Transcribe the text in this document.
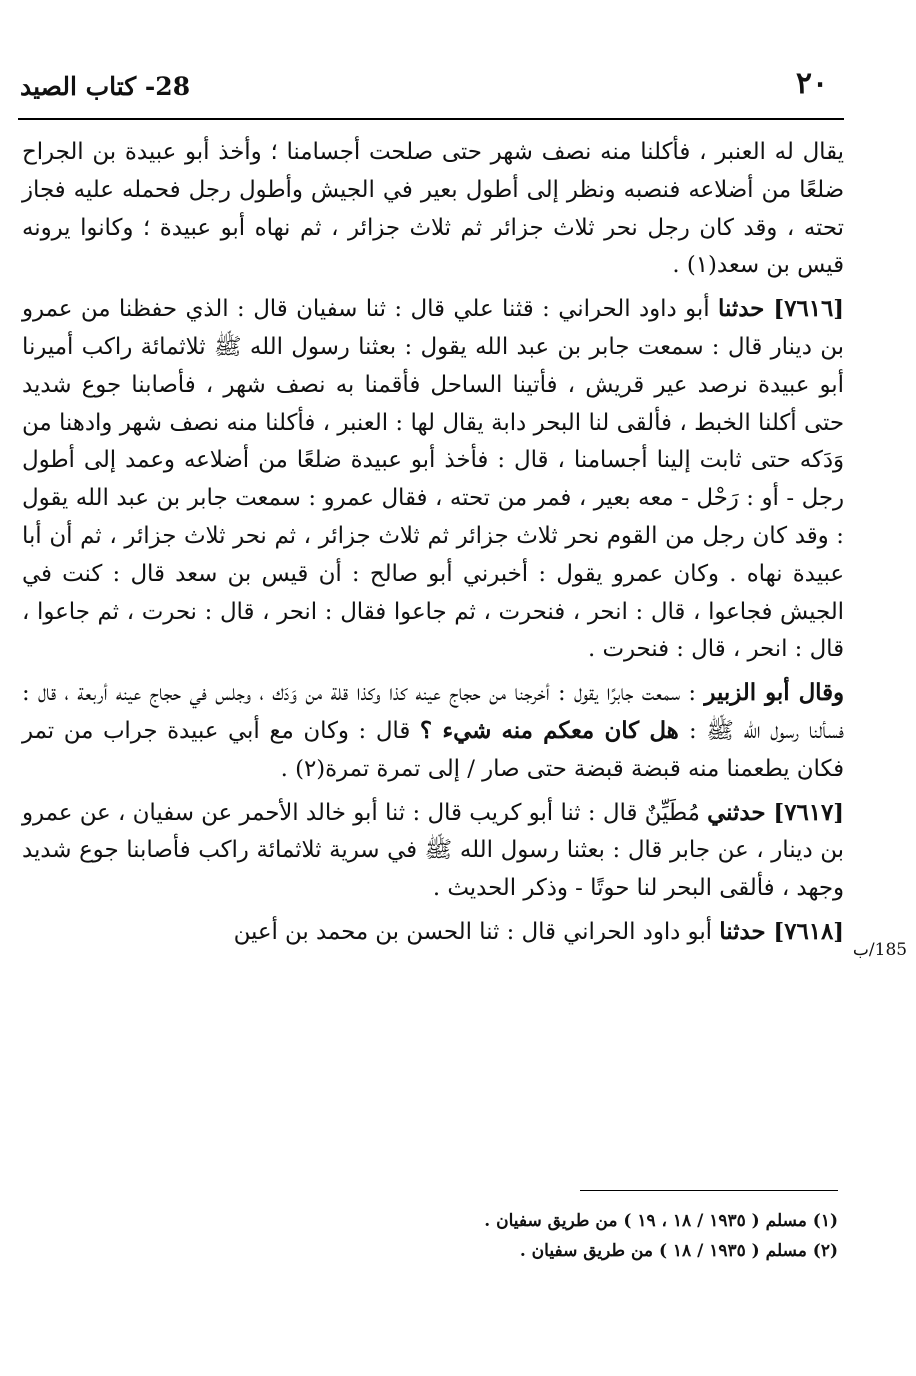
٢٠
28- كتاب الصيد

يقال له العنبر ، فأكلنا منه نصف شهر حتى صلحت أجسامنا ؛ وأخذ أبو عبيدة بن الجراح ضلعًا من أضلاعه فنصبه ونظر إلى أطول بعير في الجيش وأطول رجل فحمله عليه فجاز تحته ، وقد كان رجل نحر ثلاث جزائر ثم ثلاث جزائر ، ثم نهاه أبو عبيدة ؛ وكانوا يرونه قيس بن سعد(١) .

[٧٦١٦] حدثنا أبو داود الحراني : قثنا علي قال : ثنا سفيان قال : الذي حفظنا من عمرو بن دينار قال : سمعت جابر بن عبد الله يقول : بعثنا رسول الله ﷺ ثلاثمائة راكب أميرنا أبو عبيدة نرصد عير قريش ، فأتينا الساحل فأقمنا به نصف شهر ، فأصابنا جوع شديد حتى أكلنا الخبط ، فألقى لنا البحر دابة يقال لها : العنبر ، فأكلنا منه نصف شهر وادهنا من وَدَكه حتى ثابت إلينا أجسامنا ، قال : فأخذ أبو عبيدة ضلعًا من أضلاعه وعمد إلى أطول رجل - أو : رَحْل - معه بعير ، فمر من تحته ، فقال عمرو : سمعت جابر بن عبد الله يقول : وقد كان رجل من القوم نحر ثلاث جزائر ثم ثلاث جزائر ، ثم نحر ثلاث جزائر ، ثم أن أبا عبيدة نهاه . وكان عمرو يقول : أخبرني أبو صالح : أن قيس بن سعد قال : كنت في الجيش فجاعوا ، قال : انحر ، فنحرت ، ثم جاعوا فقال : انحر ، قال : نحرت ، ثم جاعوا ، قال : انحر ، قال : فنحرت .

وقال أبو الزبير : سمعت جابرًا يقول : أخرجنا من حجاج عينه كذا وكذا قلة من وَدَك ، وجلس في حجاج عينه أربعة ، قال : فسألنا رسول الله ﷺ : هل كان معكم منه شيء ؟ قال : وكان مع أبي عبيدة جراب من تمر فكان يطعمنا منه قبضة قبضة حتى صار / إلى تمرة تمرة(٢) .

[٧٦١٧] حدثني مُطَيِّنٌ قال : ثنا أبو كريب قال : ثنا أبو خالد الأحمر عن سفيان ، عن عمرو بن دينار ، عن جابر قال : بعثنا رسول الله ﷺ في سرية ثلاثمائة راكب فأصابنا جوع شديد وجهد ، فألقى البحر لنا حوتًا - وذكر الحديث .

[٧٦١٨] حدثنا أبو داود الحراني قال : ثنا الحسن بن محمد بن أعين

185/ب
(١) مسلم ( ١٩٣٥ / ١٨ ، ١٩ ) من طريق سفيان .
(٢) مسلم ( ١٩٣٥ / ١٨ ) من طريق سفيان .
